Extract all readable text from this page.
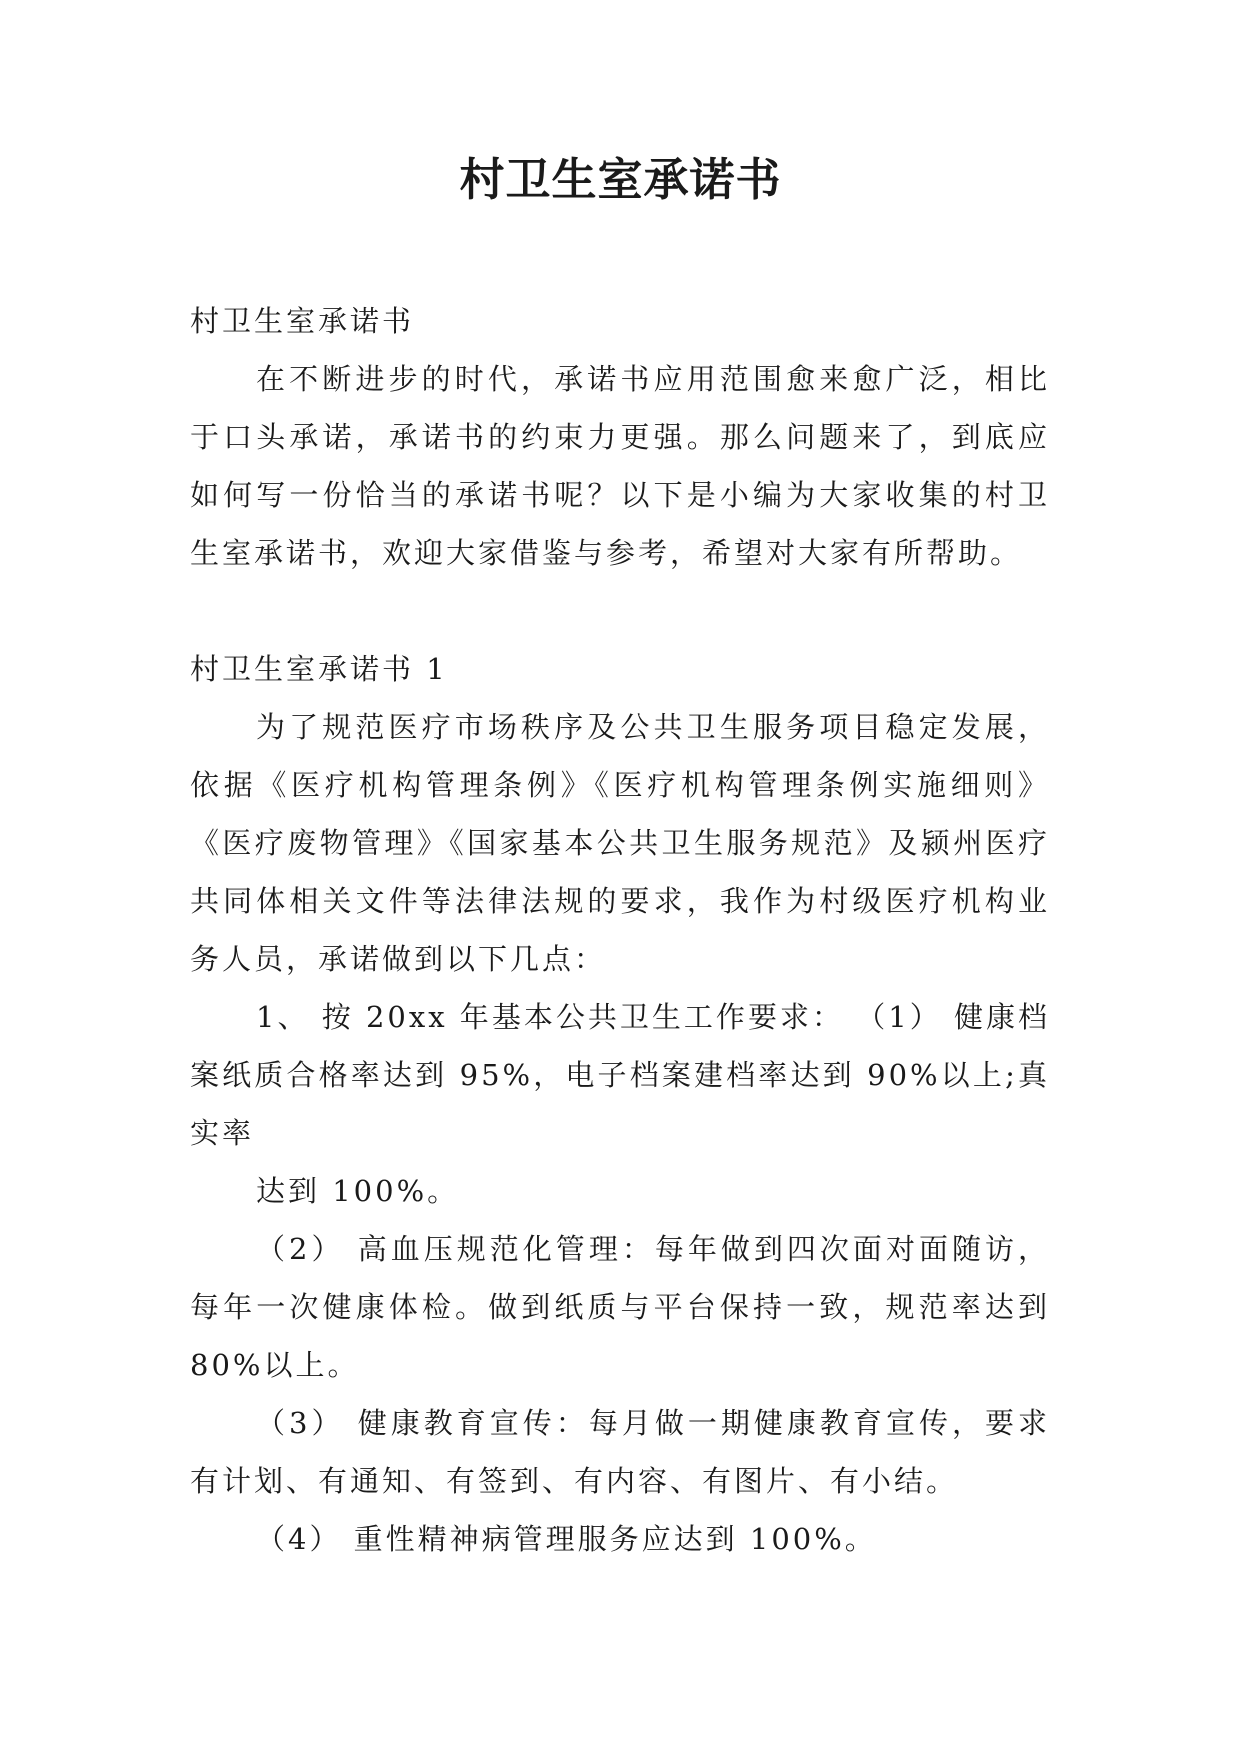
村卫生室承诺书

村卫生室承诺书

在不断进步的时代，承诺书应用范围愈来愈广泛，相比于口头承诺，承诺书的约束力更强。那么问题来了，到底应如何写一份恰当的承诺书呢？以下是小编为大家收集的村卫生室承诺书，欢迎大家借鉴与参考，希望对大家有所帮助。

村卫生室承诺书 1

为了规范医疗市场秩序及公共卫生服务项目稳定发展，依据《医疗机构管理条例》《医疗机构管理条例实施细则》《医疗废物管理》《国家基本公共卫生服务规范》及颍州医疗共同体相关文件等法律法规的要求，我作为村级医疗机构业务人员，承诺做到以下几点：

1、 按 20xx 年基本公共卫生工作要求： （1） 健康档案纸质合格率达到 95%，电子档案建档率达到 90%以上;真实率

达到 100%。

（2） 高血压规范化管理：每年做到四次面对面随访，每年一次健康体检。做到纸质与平台保持一致，规范率达到 80%以上。

（3） 健康教育宣传：每月做一期健康教育宣传，要求有计划、有通知、有签到、有内容、有图片、有小结。

（4） 重性精神病管理服务应达到 100%。
